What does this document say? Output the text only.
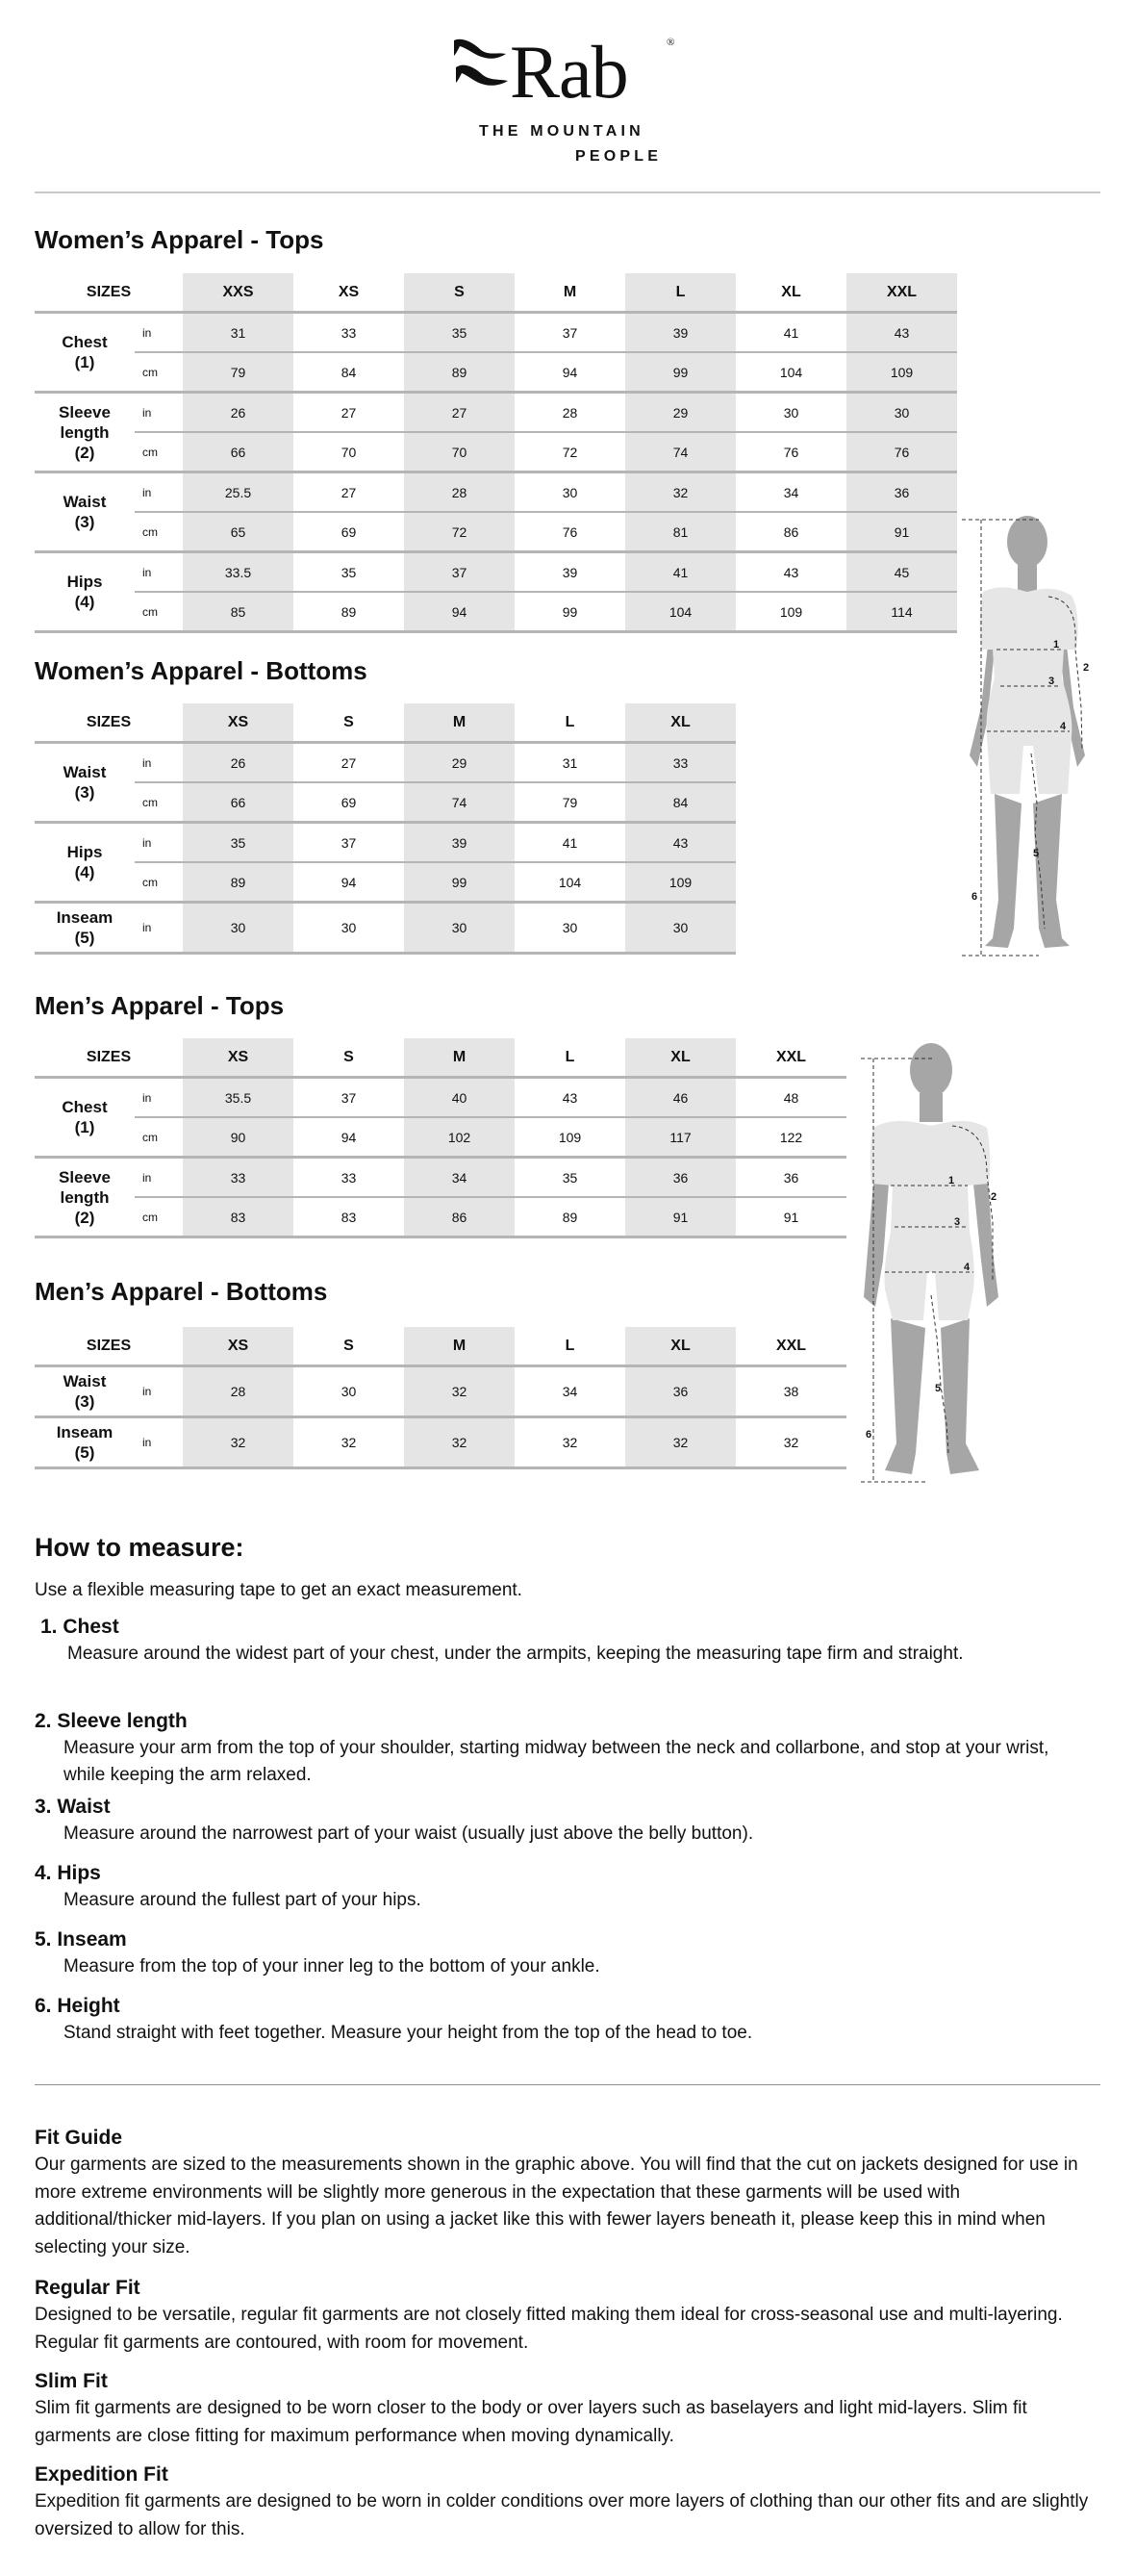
Rab	®
THE MOUNTAIN
PEOPLE
Women’s Apparel - Tops
SIZES		XXS	XS	S	M	L	XL	XXL

Chest
(1)	in	31	33	35	37	39	41	43
	cm	79	84	89	94	99	104	109

Sleeve length
(2)	in	26	27	27	28	29	30	30
	cm	66	70	70	72	74	76	76

Waist
(3)	in	25.5	27	28	30	32	34	36
	cm	65	69	72	76	81	86	91

Hips
(4)	in	33.5	35	37	39	41	43	45
	cm	85	89	94	99	104	109	114
Women’s Apparel - Bottoms
SIZES		XS	S	M	L	XL

Waist
(3)	in	26	27	29	31	33
	cm	66	69	74	79	84

Hips
(4)	in	35	37	39	41	43
	cm	89	94	99	104	109

Inseam
(5)	in	30	30	30	30	30
Men’s Apparel - Tops
SIZES		XS	S	M	L	XL	XXL

Chest
(1)	in	35.5	37	40	43	46	48
	cm	90	94	102	109	117	122

Sleeve length
(2)	in	33	33	34	35	36	36
	cm	83	83	86	89	91	91
Men’s Apparel - Bottoms
SIZES		XS	S	M	L	XL	XXL

Waist
(3)	in	28	30	32	34	36	38

Inseam
(5)	in	32	32	32	32	32	32
1
2
3
4
5
6
1
2
3
4
5
6
How to measure:
Use a flexible measuring tape to get an exact measurement.
1. Chest
Measure around the widest part of your chest, under the armpits, keeping the measuring tape firm and straight.
2. Sleeve length
Measure your arm from the top of your shoulder, starting midway between the neck and collarbone, and stop at your wrist, while keeping the arm relaxed.
3. Waist
Measure around the narrowest part of your waist (usually just above the belly button).
4. Hips
Measure around the fullest part of your hips.
5. Inseam
Measure from the top of your inner leg to the bottom of your ankle.
6. Height
Stand straight with feet together. Measure your height from the top of the head to toe.
Fit Guide
Our garments are sized to the measurements shown in the graphic above. You will find that the cut on jackets designed for use in more extreme environments will be slightly more generous in the expectation that these garments will be used with additional/thicker mid-layers. If you plan on using a jacket like this with fewer layers beneath it, please keep this in mind when selecting your size.
Regular Fit
Designed to be versatile, regular fit garments are not closely fitted making them ideal for cross-seasonal use and multi-layering. Regular fit garments are contoured, with room for movement.
Slim Fit
Slim fit garments are designed to be worn closer to the body or over layers such as baselayers and light mid-layers. Slim fit garments are close fitting for maximum performance when moving dynamically.
Expedition Fit
Expedition fit garments are designed to be worn in colder conditions over more layers of clothing than our other fits and are slightly oversized to allow for this.
